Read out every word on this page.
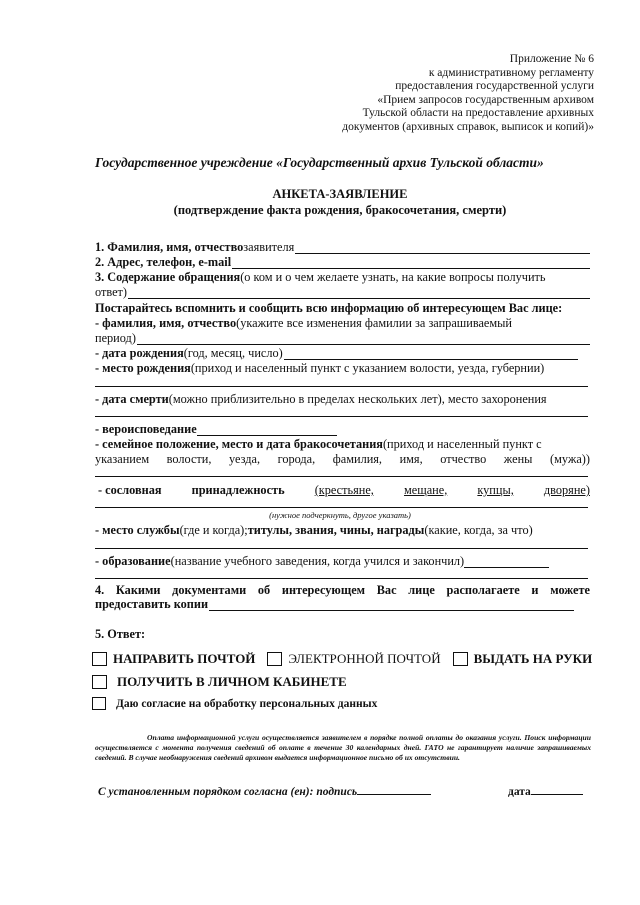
Приложение № 6
к административному регламенту
предоставления государственной услуги
«Прием запросов государственным архивом
Тульской области на предоставление архивных
документов (архивных справок, выписок и копий)»
Государственное учреждение «Государственный архив Тульской области»
АНКЕТА-ЗАЯВЛЕНИЕ
(подтверждение факта рождения, бракосочетания, смерти)
1. Фамилия, имя, отчество заявителя
2. Адрес, телефон, e-mail
3. Содержание обращения (о ком и о чем желаете узнать, на какие вопросы получить
ответ)
Постарайтесь вспомнить и сообщить всю информацию об интересующем Вас лице:
- фамилия, имя, отчество (укажите все изменения фамилии за запрашиваемый
период)
- дата рождения (год, месяц, число)
- место рождения (приход и населенный пункт с указанием волости, уезда, губернии)
- дата смерти (можно приблизительно в пределах нескольких лет), место захоронения
- вероисповедание
- семейное положение, место и дата бракосочетания (приход и населенный пункт с
указанием волости, уезда, города, фамилия, имя, отчество жены (мужа))
- сословная принадлежность (крестьяне, мещане, купцы, дворяне)
(нужное подчеркнуть, другое указать)
- место службы (где и когда); титулы, звания, чины, награды (какие, когда, за что)
- образование (название учебного заведения, когда учился и закончил)
4. Какими документами об интересующем Вас лице располагаете и можете
предоставить копии
5. Ответ:
НАПРАВИТЬ ПОЧТОЙ	ЭЛЕКТРОННОЙ ПОЧТОЙ	ВЫДАТЬ НА РУКИ
ПОЛУЧИТЬ В ЛИЧНОМ КАБИНЕТЕ
Даю согласие на обработку персональных данных
Оплата информационной услуги осуществляется заявителем в порядке полной оплаты до оказания услуги. Поиск информации осуществляется с момента получения сведений об оплате в течение 30 календарных дней. ГАТО не гарантирует наличие запрашиваемых сведений. В случае необнаружения сведений архивом выдается информационное письмо об их отсутствии.
С установленным порядком согласна (ен): подпись	дата
